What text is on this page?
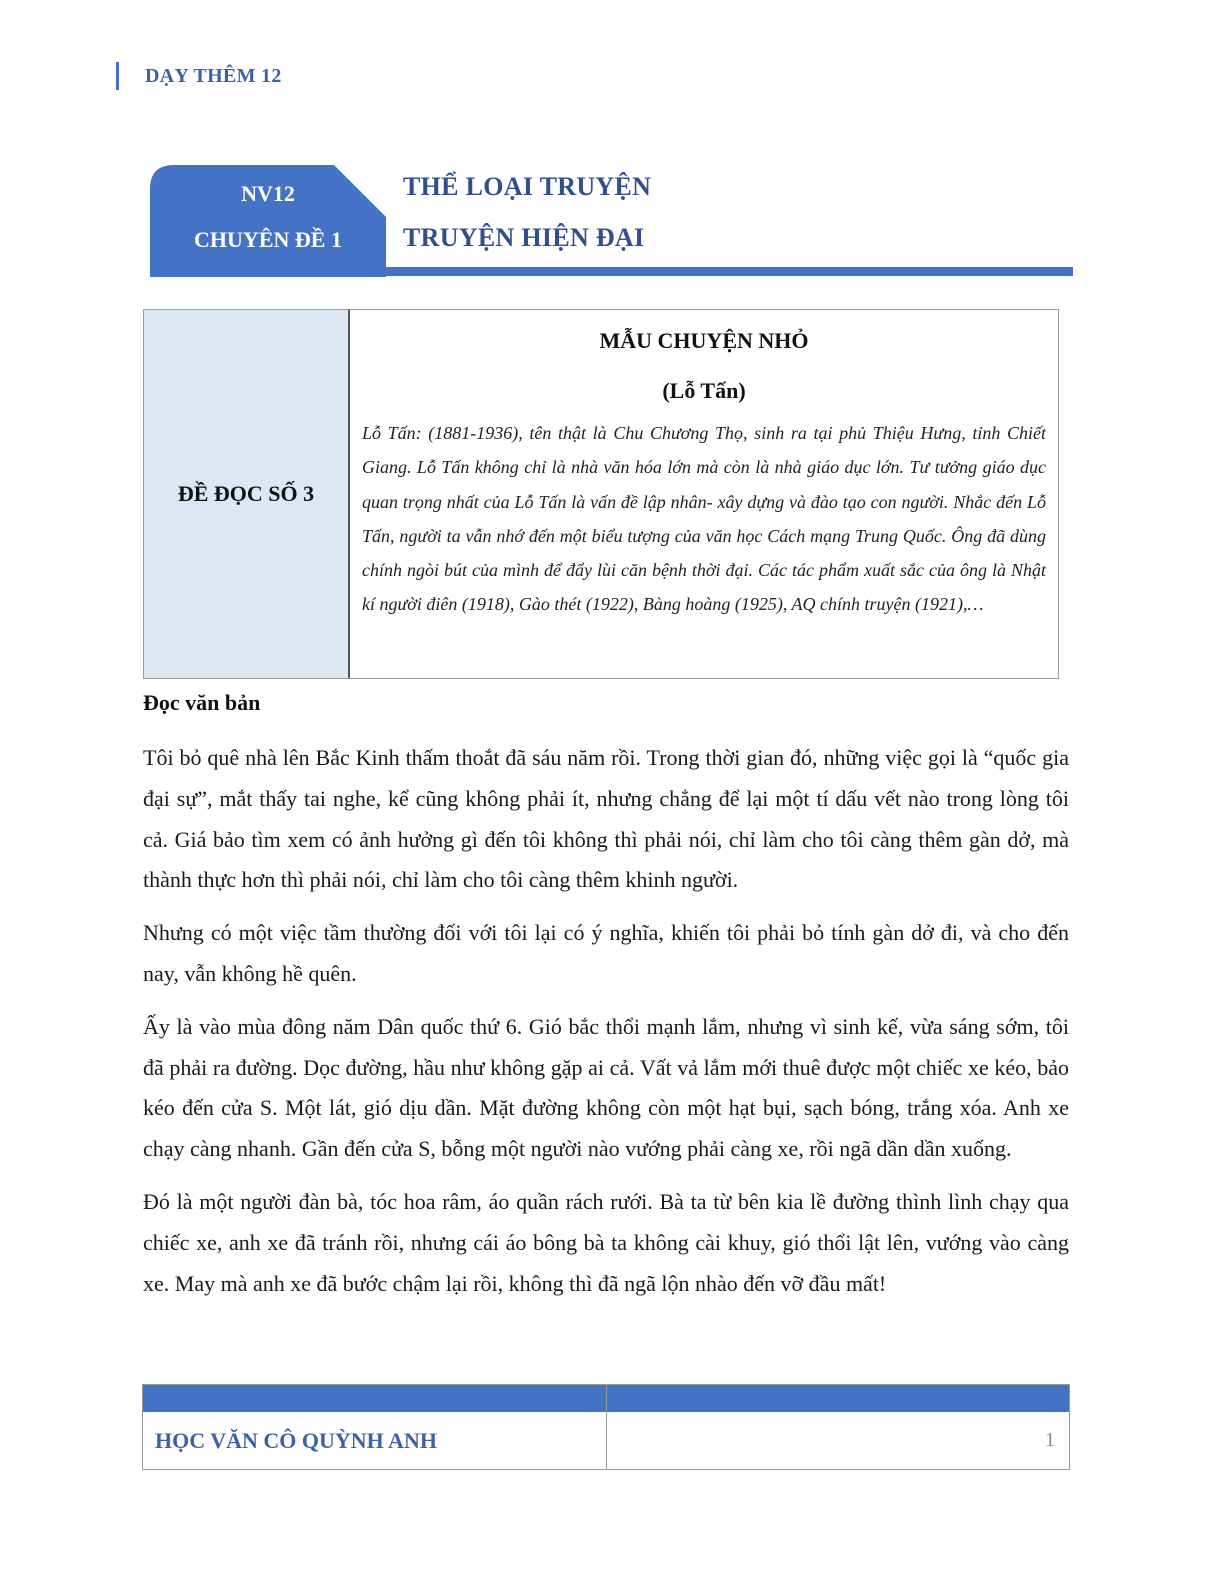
DẠY THÊM 12
NV12
CHUYÊN ĐỀ 1
THỂ LOẠI TRUYỆN
TRUYỆN HIỆN ĐẠI
ĐỀ ĐỌC SỐ 3
MẪU CHUYỆN NHỎ
(Lỗ Tấn)
Lỗ Tấn: (1881-1936), tên thật là Chu Chương Thọ, sinh ra tại phủ Thiệu Hưng, tỉnh Chiết Giang. Lỗ Tấn không chỉ là nhà văn hóa lớn mà còn là nhà giáo dục lớn. Tư tưởng giáo dục quan trọng nhất của Lỗ Tấn là vấn đề lập nhân- xây dựng và đào tạo con người. Nhắc đến Lỗ Tấn, người ta vẫn nhớ đến một biểu tượng của văn học Cách mạng Trung Quốc. Ông đã dùng chính ngòi bút của mình để đẩy lùi căn bệnh thời đại. Các tác phẩm xuất sắc của ông là Nhật kí người điên (1918), Gào thét (1922), Bàng hoàng (1925), AQ chính truyện (1921),…
Đọc văn bản

Tôi bỏ quê nhà lên Bắc Kinh thấm thoắt đã sáu năm rồi. Trong thời gian đó, những việc gọi là “quốc gia đại sự”, mắt thấy tai nghe, kể cũng không phải ít, nhưng chẳng để lại một tí dấu vết nào trong lòng tôi cả. Giá bảo tìm xem có ảnh hưởng gì đến tôi không thì phải nói, chỉ làm cho tôi càng thêm gàn dở, mà thành thực hơn thì phải nói, chỉ làm cho tôi càng thêm khinh người.

Nhưng có một việc tầm thường đối với tôi lại có ý nghĩa, khiến tôi phải bỏ tính gàn dở đi, và cho đến nay, vẫn không hề quên.

Ấy là vào mùa đông năm Dân quốc thứ 6. Gió bắc thổi mạnh lắm, nhưng vì sinh kế, vừa sáng sớm, tôi đã phải ra đường. Dọc đường, hầu như không gặp ai cả. Vất vả lắm mới thuê được một chiếc xe kéo, bảo kéo đến cửa S. Một lát, gió dịu dần. Mặt đường không còn một hạt bụi, sạch bóng, trắng xóa. Anh xe chạy càng nhanh. Gần đến cửa S, bỗng một người nào vướng phải càng xe, rồi ngã dần dần xuống.

Đó là một người đàn bà, tóc hoa râm, áo quần rách rưới. Bà ta từ bên kia lề đường thình lình chạy qua chiếc xe, anh xe đã tránh rồi, nhưng cái áo bông bà ta không cài khuy, gió thổi lật lên, vướng vào càng xe. May mà anh xe đã bước chậm lại rồi, không thì đã ngã lộn nhào đến vỡ đầu mất!

HỌC VĂN CÔ QUỲNH ANH	1
